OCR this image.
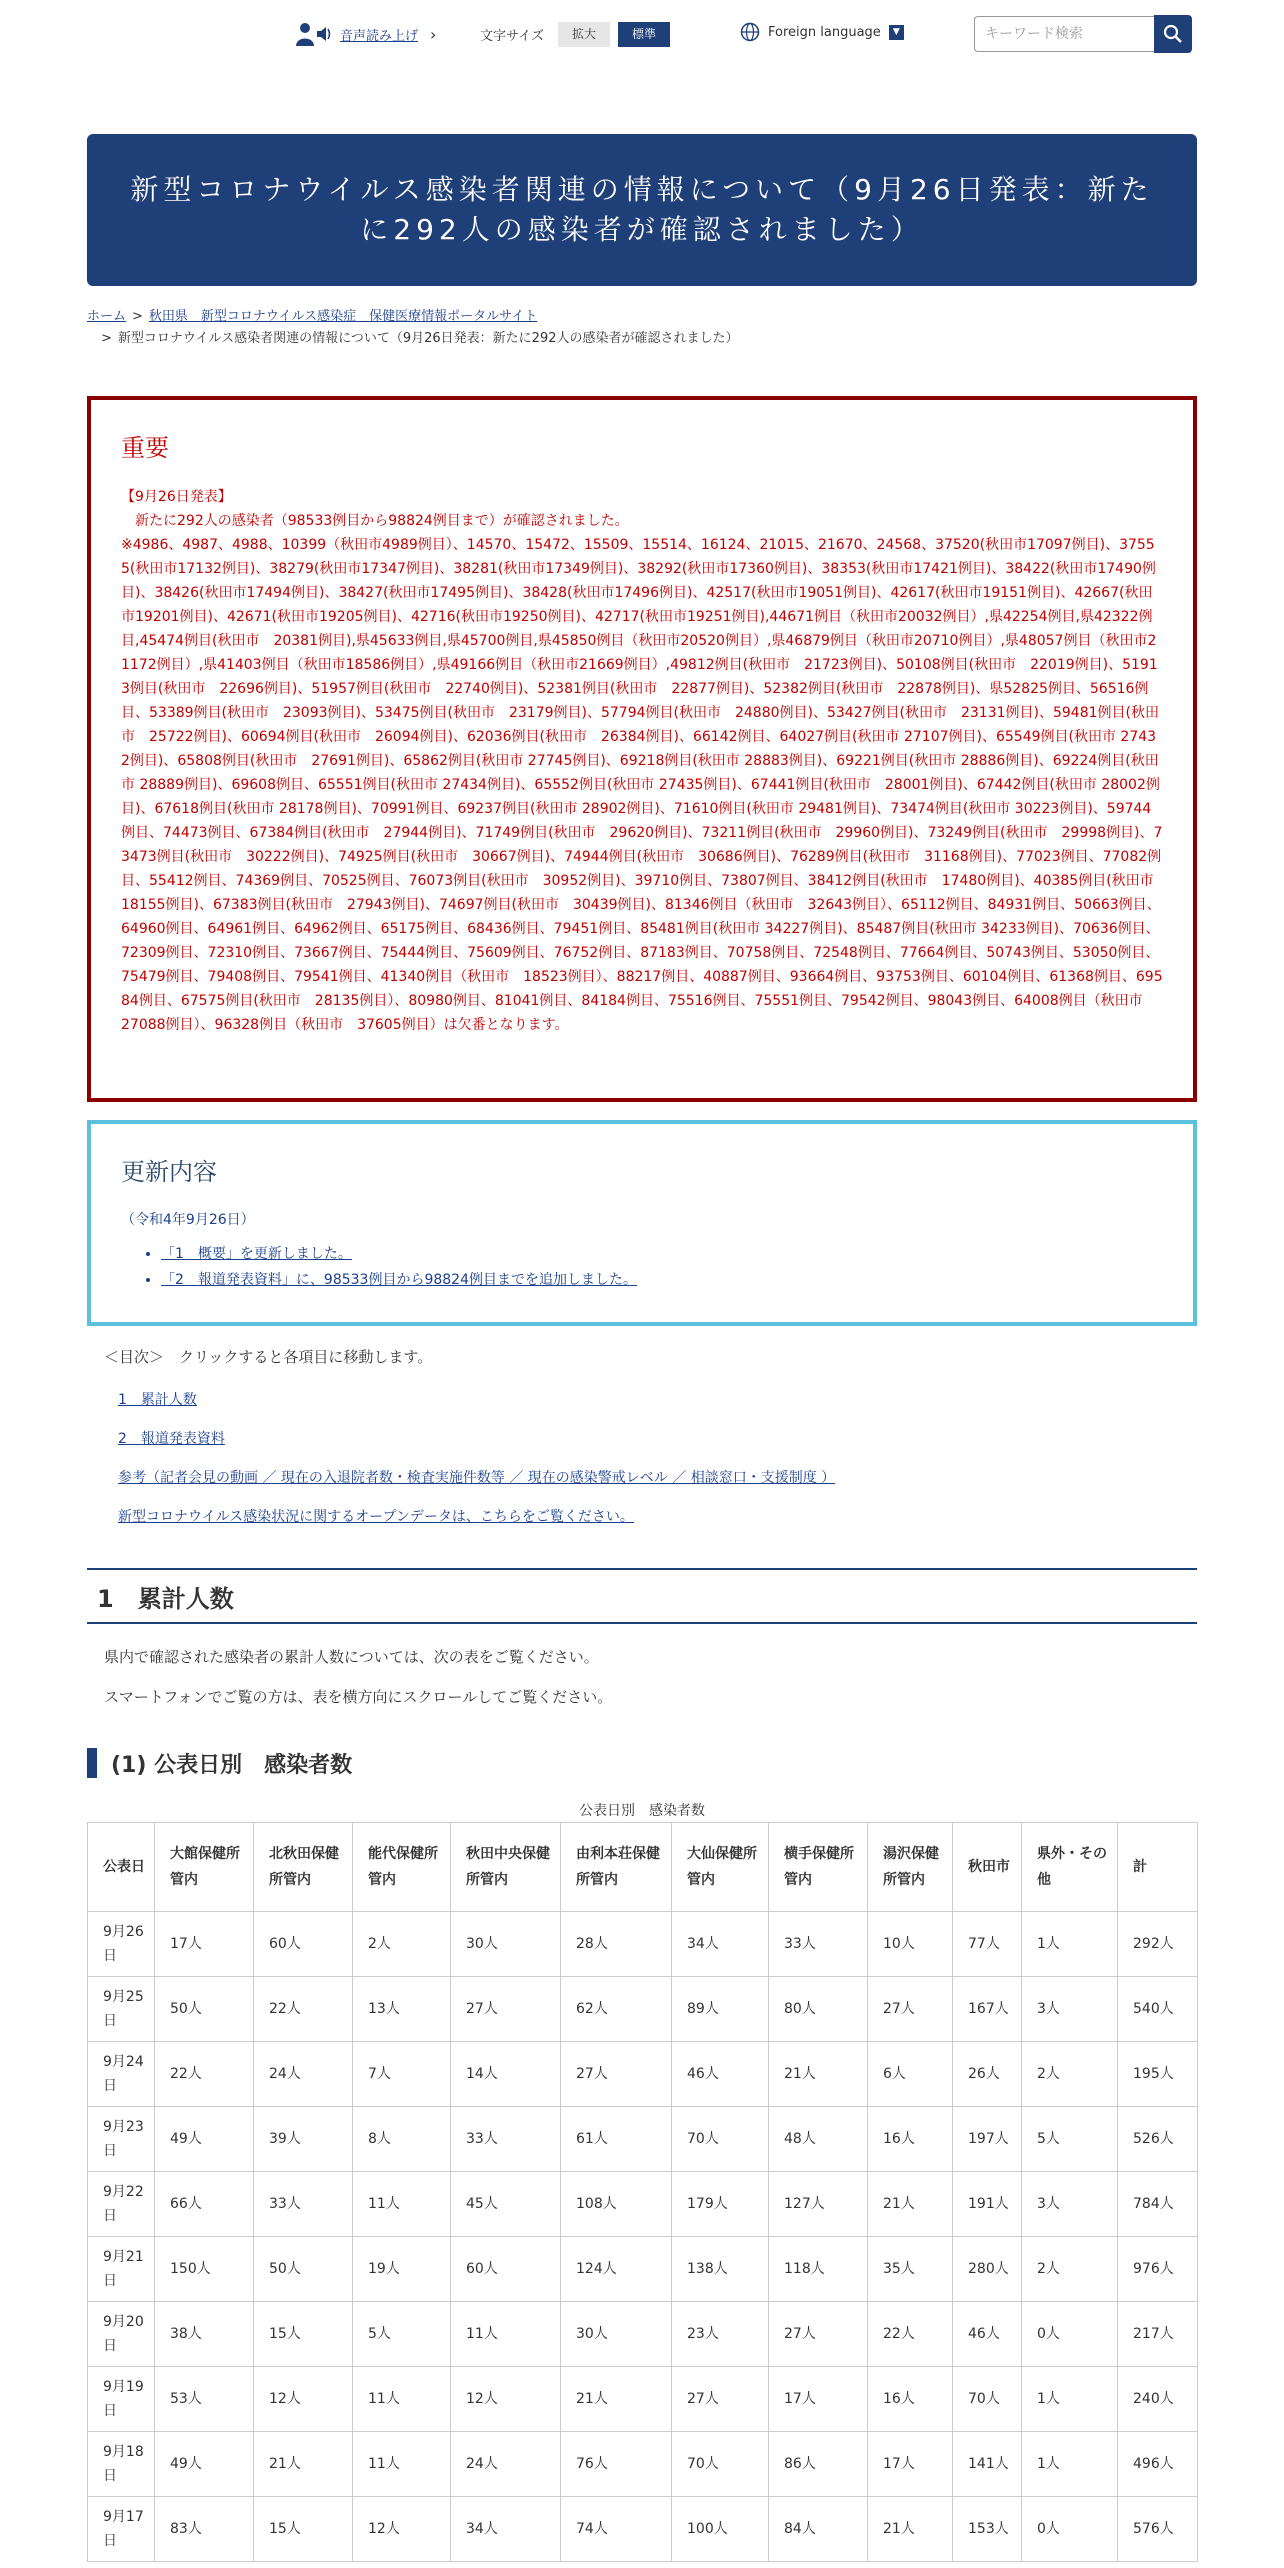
音声読み上げ ›	文字サイズ	拡大	標準	Foreign language	▼
キーワード検索
新型コロナウイルス感染者関連の情報について（9月26日発表：新たに292人の感染者が確認されました）
ホーム > 秋田県　新型コロナウイルス感染症　保健医療情報ポータルサイト
> 新型コロナウイルス感染者関連の情報について（9月26日発表：新たに292人の感染者が確認されました）
重要
【9月26日発表】
新たに292人の感染者（98533例目から98824例目まで）が確認されました。
※4986、4987、4988、10399（秋田市4989例目）、14570、15472、15509、15514、16124、21015、21670、24568、37520(秋田市17097例目)、37555(秋田市17132例目)、38279(秋田市17347例目)、38281(秋田市17349例目)、38292(秋田市17360例目)、38353(秋田市17421例目)、38422(秋田市17490例目)、38426(秋田市17494例目)、38427(秋田市17495例目)、38428(秋田市17496例目)、42517(秋田市19051例目)、42617(秋田市19151例目)、42667(秋田市19201例目)、42671(秋田市19205例目)、42716(秋田市19250例目)、42717(秋田市19251例目),44671例目（秋田市20032例目）,県42254例目,県42322例目,45474例目(秋田市　20381例目),県45633例目,県45700例目,県45850例目（秋田市20520例目）,県46879例目（秋田市20710例目）,県48057例目（秋田市21172例目）,県41403例目（秋田市18586例目）,県49166例目（秋田市21669例目）,49812例目(秋田市　21723例目)、50108例目(秋田市　22019例目)、51913例目(秋田市　22696例目)、51957例目(秋田市　22740例目)、52381例目(秋田市　22877例目)、52382例目(秋田市　22878例目)、県52825例目、56516例目、53389例目(秋田市　23093例目)、53475例目(秋田市　23179例目)、57794例目(秋田市　24880例目)、53427例目(秋田市　23131例目)、59481例目(秋田市　25722例目)、60694例目(秋田市　26094例目)、62036例目(秋田市　26384例目)、66142例目、64027例目(秋田市 27107例目)、65549例目(秋田市 27432例目)、65808例目(秋田市　27691例目)、65862例目(秋田市 27745例目)、69218例目(秋田市 28883例目)、69221例目(秋田市 28886例目)、69224例目(秋田市 28889例目)、69608例目、65551例目(秋田市 27434例目)、65552例目(秋田市 27435例目)、67441例目(秋田市　28001例目)、67442例目(秋田市 28002例目)、67618例目(秋田市 28178例目)、70991例目、69237例目(秋田市 28902例目)、71610例目(秋田市 29481例目)、73474例目(秋田市 30223例目)、59744例目、74473例目、67384例目(秋田市　27944例目)、71749例目(秋田市　29620例目)、73211例目(秋田市　29960例目)、73249例目(秋田市　29998例目)、73473例目(秋田市　30222例目)、74925例目(秋田市　30667例目)、74944例目(秋田市　30686例目)、76289例目(秋田市　31168例目)、77023例目、77082例目、55412例目、74369例目、70525例目、76073例目(秋田市　30952例目)、39710例目、73807例目、38412例目(秋田市　17480例目)、40385例目(秋田市　18155例目)、67383例目(秋田市　27943例目)、74697例目(秋田市　30439例目)、81346例目（秋田市　32643例目）、65112例目、84931例目、50663例目、64960例目、64961例目、64962例目、65175例目、68436例目、79451例目、85481例目(秋田市 34227例目)、85487例目(秋田市 34233例目)、70636例目、72309例目、72310例目、73667例目、75444例目、75609例目、76752例目、87183例目、70758例目、72548例目、77664例目、50743例目、53050例目、75479例目、79408例目、79541例目、41340例目（秋田市　18523例目）、88217例目、40887例目、93664例目、93753例目、60104例目、61368例目、69584例目、67575例目(秋田市　28135例目）、80980例目、81041例目、84184例目、75516例目、75551例目、79542例目、98043例目、64008例目（秋田市　27088例目）、96328例目（秋田市　37605例目）は欠番となります。
更新内容
（令和4年9月26日）
• 「1　概要」を更新しました。
• 「2　報道発表資料」に、98533例目から98824例目までを追加しました。
＜目次＞　クリックすると各項目に移動します。
1　累計人数
2　報道発表資料
参考（記者会見の動画 ／ 現在の入退院者数・検査実施件数等 ／ 現在の感染警戒レベル ／ 相談窓口・支援制度 ）
新型コロナウイルス感染状況に関するオープンデータは、こちらをご覧ください。
1　累計人数
県内で確認された感染者の累計人数については、次の表をご覧ください。
スマートフォンでご覧の方は、表を横方向にスクロールしてご覧ください。
(1) 公表日別　感染者数
公表日別　感染者数
公表日	大館保健所管内	北秋田保健所管内	能代保健所管内	秋田中央保健所管内	由利本荘保健所管内	大仙保健所管内	横手保健所管内	湯沢保健所管内	秋田市	県外・その他	計
9月26日	17人	60人	2人	30人	28人	34人	33人	10人	77人	1人	292人
9月25日	50人	22人	13人	27人	62人	89人	80人	27人	167人	3人	540人
9月24日	22人	24人	7人	14人	27人	46人	21人	6人	26人	2人	195人
9月23日	49人	39人	8人	33人	61人	70人	48人	16人	197人	5人	526人
9月22日	66人	33人	11人	45人	108人	179人	127人	21人	191人	3人	784人
9月21日	150人	50人	19人	60人	124人	138人	118人	35人	280人	2人	976人
9月20日	38人	15人	5人	11人	30人	23人	27人	22人	46人	0人	217人
9月19日	53人	12人	11人	12人	21人	27人	17人	16人	70人	1人	240人
9月18日	49人	21人	11人	24人	76人	70人	86人	17人	141人	1人	496人
9月17日	83人	15人	12人	34人	74人	100人	84人	21人	153人	0人	576人
